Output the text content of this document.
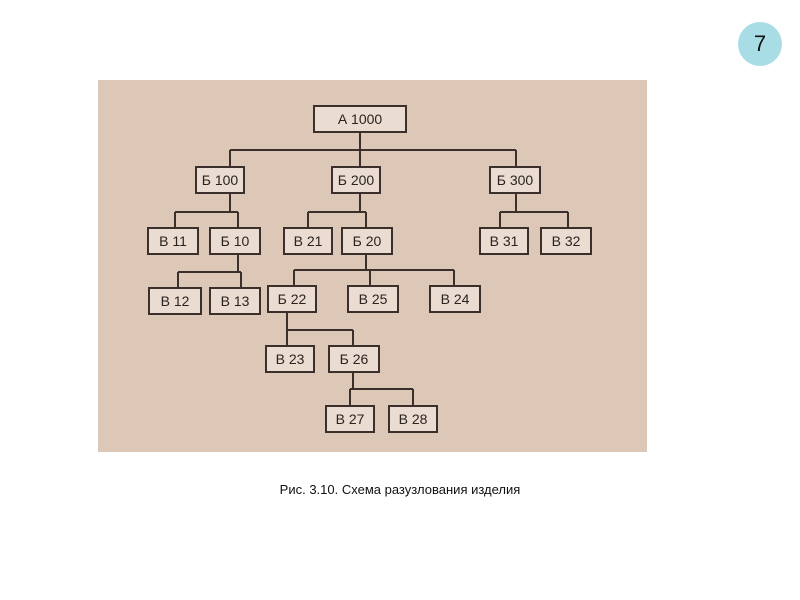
7
А 1000
Б 100	Б 200	Б 300
В 11 Б 10	В 21 Б 20	В 31 В 32
В 12 В 13 Б 22	В 25	В 24
В 23	Б 26
В 27 В 28
Рис. 3.10. Схема разузлования изделия
